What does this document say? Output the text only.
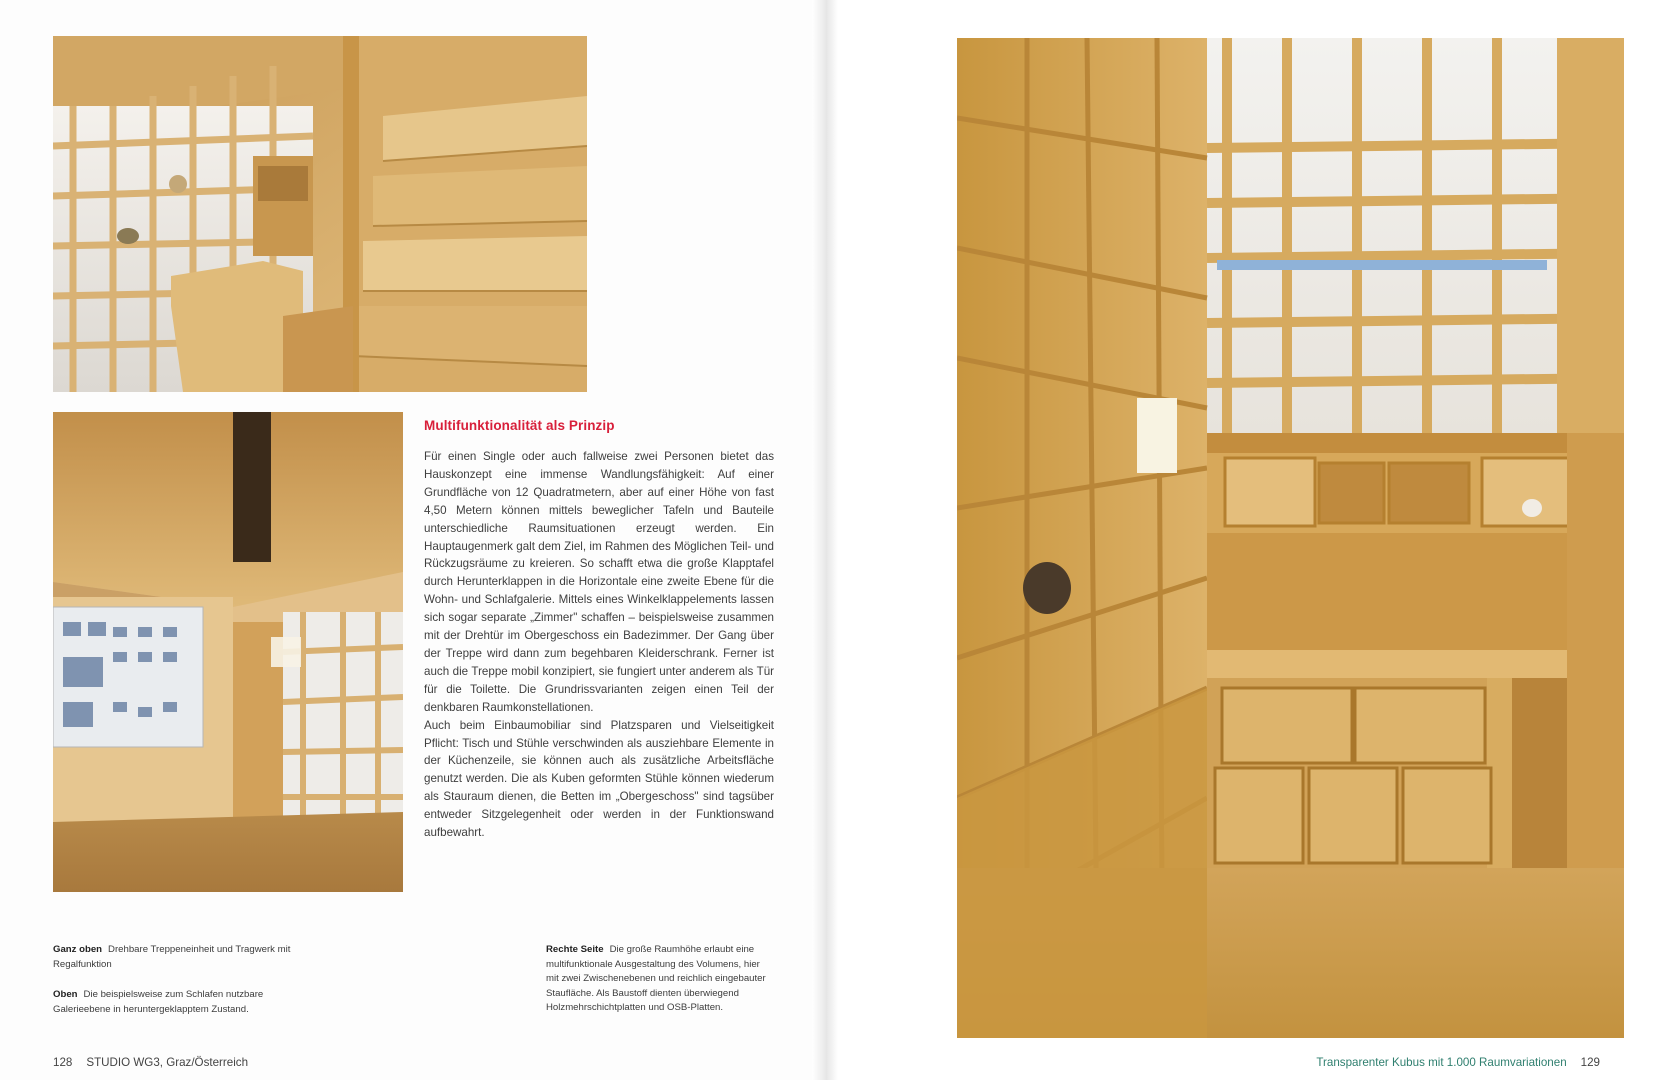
Multifunktionalität als Prinzip

Für einen Single oder auch fallweise zwei Personen bietet das Hauskonzept eine immense Wandlungsfähigkeit: Auf einer Grundfläche von 12 Quadratmetern, aber auf einer Höhe von fast 4,50 Metern können mittels beweglicher Tafeln und Bauteile unterschiedliche Raumsituationen erzeugt werden. Ein Hauptaugenmerk galt dem Ziel, im Rahmen des Möglichen Teil- und Rückzugsräume zu kreieren. So schafft etwa die große Klapptafel durch Herunterklappen in die Horizontale eine zweite Ebene für die Wohn- und Schlafgalerie. Mittels eines Winkelklappelements lassen sich sogar separate „Zimmer" schaffen – beispielsweise zusammen mit der Drehtür im Obergeschoss ein Badezimmer. Der Gang über der Treppe wird dann zum begehbaren Kleiderschrank. Ferner ist auch die Treppe mobil konzipiert, sie fungiert unter anderem als Tür für die Toilette. Die Grundrissvarianten zeigen einen Teil der denkbaren Raumkonstellationen.

Auch beim Einbaumobiliar sind Platzsparen und Vielseitigkeit Pflicht: Tisch und Stühle verschwinden als ausziehbare Elemente in der Küchenzeile, sie können auch als zusätzliche Arbeitsfläche genutzt werden. Die als Kuben geformten Stühle können wiederum als Stauraum dienen, die Betten im „Obergeschoss" sind tagsüber entweder Sitzgelegenheit oder werden in der Funktionswand aufbewahrt.

Ganz oben Drehbare Treppeneinheit und Tragwerk mit Regalfunktion
Oben Die beispielsweise zum Schlafen nutzbare Galerieebene in heruntergeklapptem Zustand.
Rechte Seite Die große Raumhöhe erlaubt eine multifunktionale Ausgestaltung des Volumens, hier mit zwei Zwischenebenen und reichlich eingebauter Staufläche. Als Baustoff dienten überwiegend Holzmehrschichtplatten und OSB-Platten.
128 STUDIO WG3, Graz/Österreich	Transparenter Kubus mit 1.000 Raumvariationen 129
